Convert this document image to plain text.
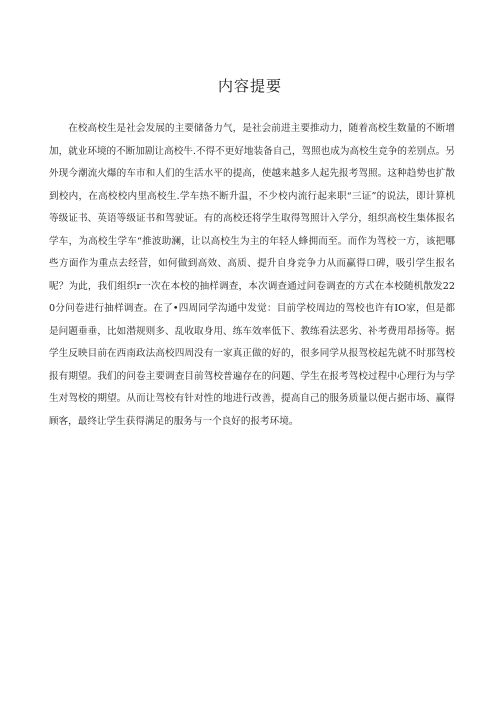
内容提要

在校高校生是社会发展的主要储备力气，是社会前进主要推动力，随着高校生数量的不断增加，就业环境的不断加剧让高校牛.不得不更好地装备自己，驾照也成为高校生竞争的差别点。另外现今潮流火爆的车市和人们的生活水平的提高，使越来越多人起先报考驾照。这种趋势也扩散到校内，在高校校内里高校生.学车热不断升温，不少校内流行起来职“三证”的说法，即计算机等级证书、英语等级证书和驾驶证。有的高校还将学生取得驾照计入学分，组织高校生集体报名学车，为高校生学车“推波助澜，让以高校生为主的年轻人蜂拥而至。而作为驾校一方，该把哪些方面作为重点去经营，如何做到高效、高质、提升自身竞争力从而赢得口碑，吸引学生报名呢？为此，我们组织r一次在本校的抽样调查，本次调查通过问卷调查的方式在本校随机散发220分问卷进行抽样调查。在了•四周同学沟通中发觉：目前学校周边的驾校也许有IO家，但是都是问题垂垂，比如潜规则多、乱收取身用、练车效率低下、教练看法恶劣、补考费用昂扬等。据学生反映目前在西南政法高校四周没有一家真正做的好的，很多同学从报驾校起先就不时那驾校报有期望。我们的问卷主要调查目前驾校普遍存在的问题、学生在报考驾校过程中心理行为与学生对驾校的期望。从而让驾校有针对性的地进行改善，提高自己的服务质量以便占据市场、赢得顾客，最终让学生获得满足的服务与一个良好的报考环境。
